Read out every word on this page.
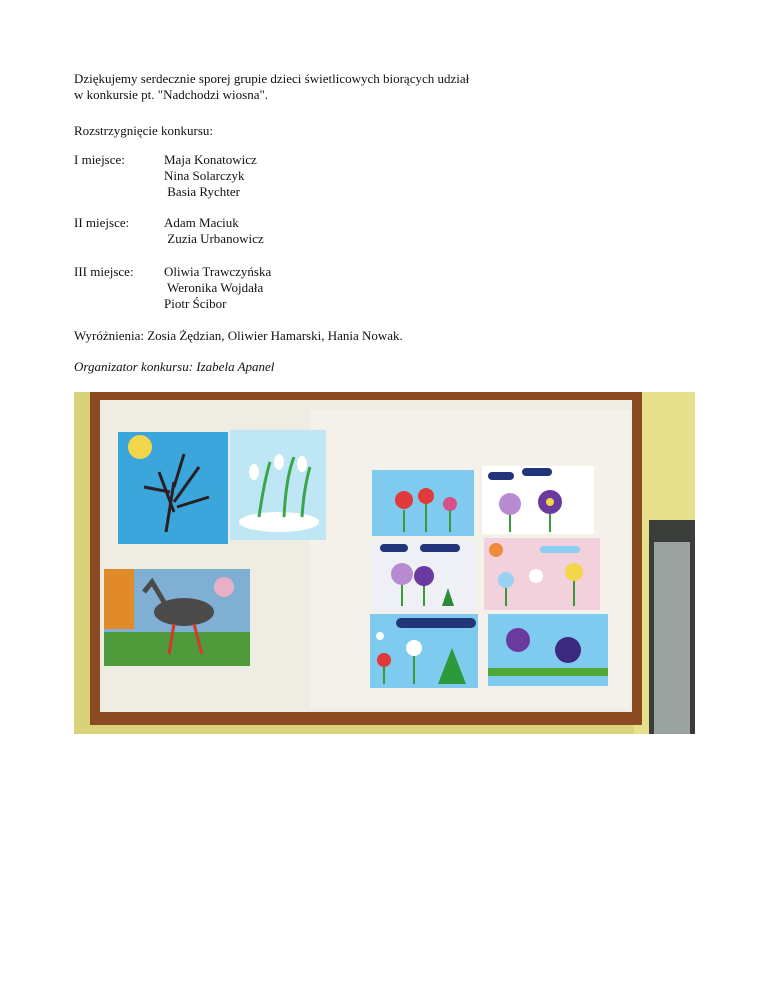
Dziękujemy serdecznie sporej grupie dzieci świetlicowych biorących udział
w konkursie pt. "Nadchodzi wiosna".
Rozstrzygnięcie konkursu:
I miejsce:	Maja Konatowicz
Nina Solarczyk
Basia Rychter
II miejsce:	Adam Maciuk
Zuzia Urbanowicz
III miejsce: Oliwia Trawczyńska
Weronika Wojdała
Piotr Ścibor
Wyróżnienia: Zosia Żędzian, Oliwier Hamarski, Hania Nowak.
Organizator konkursu: Izabela Apanel
